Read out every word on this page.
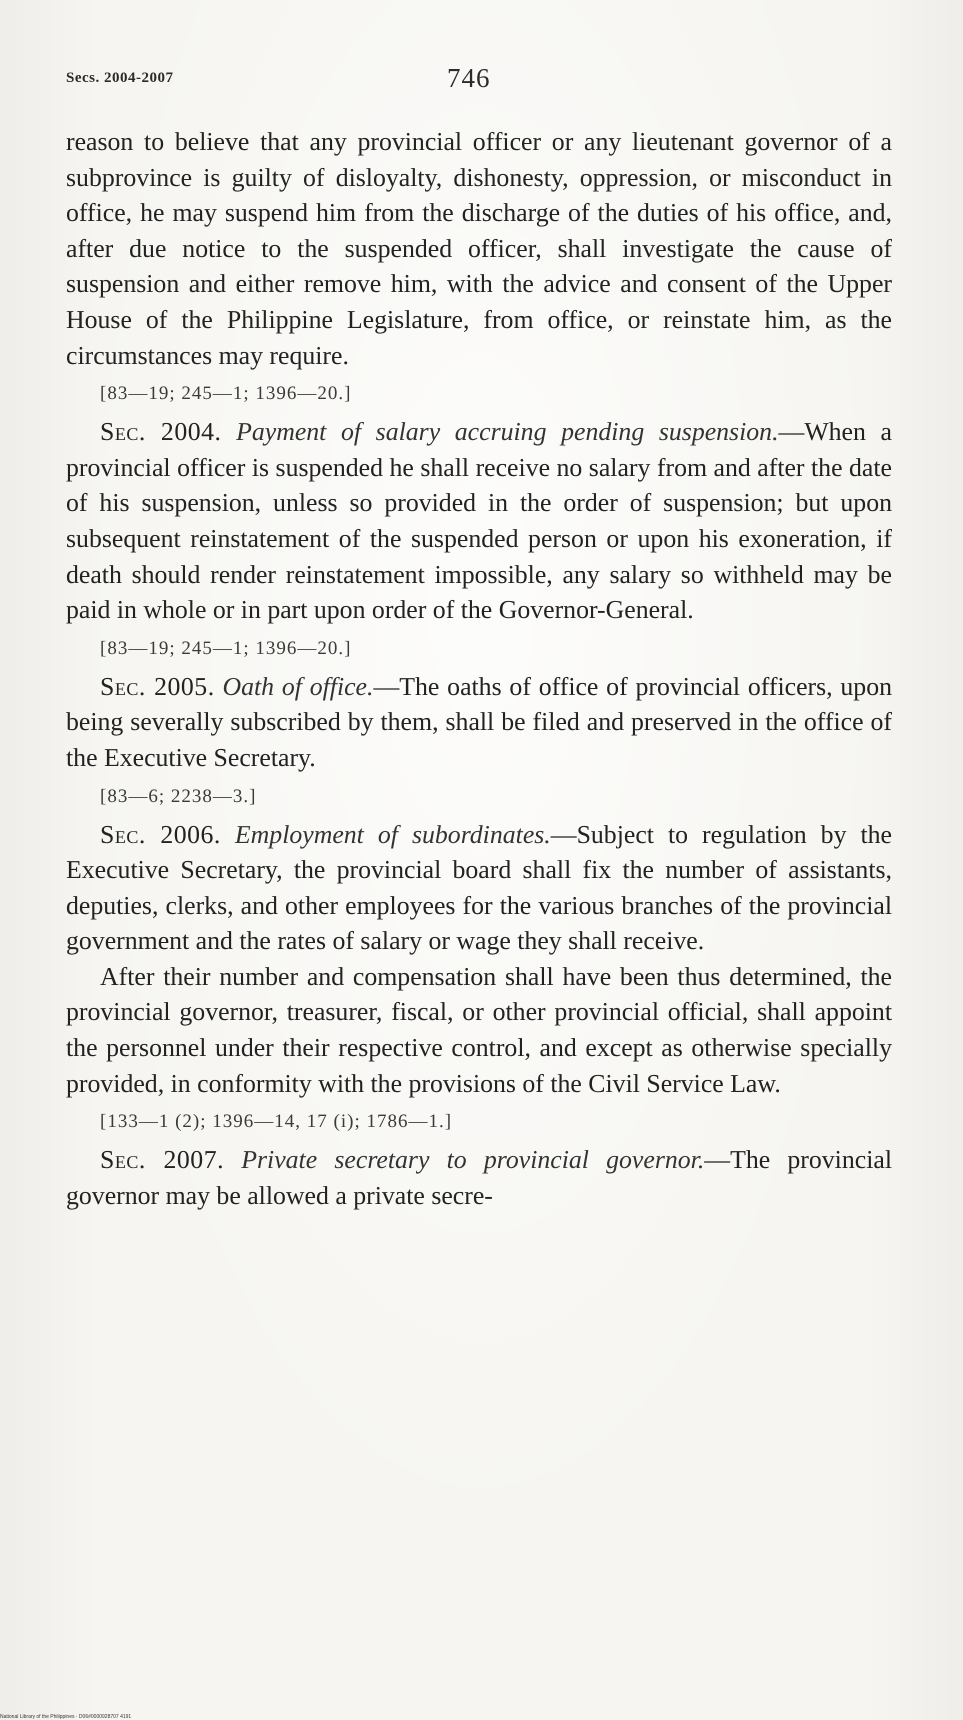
Secs. 2004-2007	746

reason to believe that any provincial officer or any lieutenant governor of a subprovince is guilty of disloyalty, dishonesty, oppression, or misconduct in office, he may suspend him from the discharge of the duties of his office, and, after due notice to the suspended officer, shall investigate the cause of suspension and either remove him, with the advice and consent of the Upper House of the Philippine Legislature, from office, or reinstate him, as the circumstances may require.

[83—19; 245—1; 1396—20.]

Sec. 2004. Payment of salary accruing pending suspension.—When a provincial officer is suspended he shall receive no salary from and after the date of his suspension, unless so provided in the order of suspension; but upon subsequent reinstatement of the suspended person or upon his exoneration, if death should render reinstatement impossible, any salary so withheld may be paid in whole or in part upon order of the Governor-General.

[83—19; 245—1; 1396—20.]

Sec. 2005. Oath of office.—The oaths of office of provincial officers, upon being severally subscribed by them, shall be filed and preserved in the office of the Executive Secretary.

[83—6; 2238—3.]

Sec. 2006. Employment of subordinates.—Subject to regulation by the Executive Secretary, the provincial board shall fix the number of assistants, deputies, clerks, and other employees for the various branches of the provincial government and the rates of salary or wage they shall receive.

After their number and compensation shall have been thus determined, the provincial governor, treasurer, fiscal, or other provincial official, shall appoint the personnel under their respective control, and except as otherwise specially provided, in conformity with the provisions of the Civil Service Law.

[133—1 (2); 1396—14, 17 (i); 1786—1.]

Sec. 2007. Private secretary to provincial governor.—The provincial governor may be allowed a private secre-

National Library of the Philippines · D06#0000928707 4191
